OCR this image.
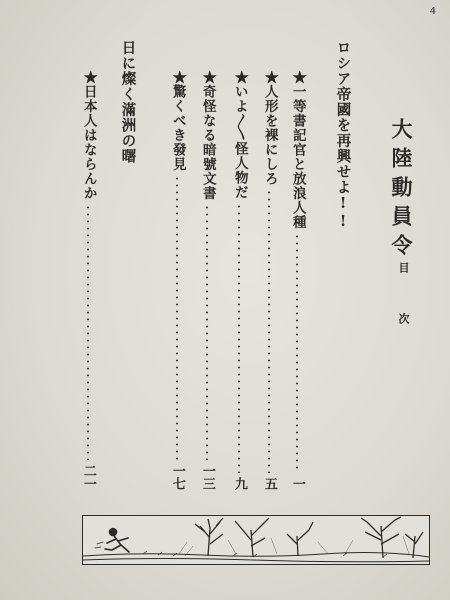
4
大陸動員令
目次
ロシア帝國を再興せよ!!
★一等書記官と放浪人種
一
★人形を裸にしろ
五
★いよ〳〵怪人物だ
九
★奇怪なる暗號文書
一三
★驚くべき發見
一七
日に燦く滿洲の曙
★日本人はならんか
二一
